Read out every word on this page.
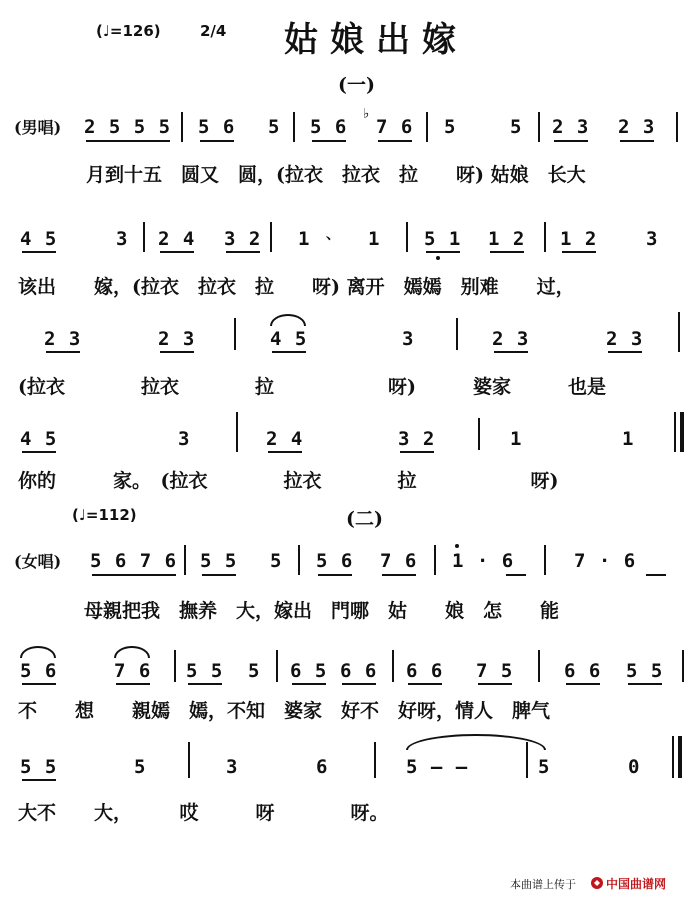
(♩=126)	2/4 姑娘出嫁
(一)
(男唱) 2 5 5 5 5 6 5 5 6
♭
7 6 5	5 2 3 2 3
月到十五　圆又　圆，(拉衣　拉衣　拉　　呀) 姑娘　长大
4 5	3 2 4 3 2 1 、 1 5 1 1 2 1 2	3
该出　　嫁，(拉衣　拉衣　拉　　呀) 离开　嫣嫣　别难　　过，
2 3	2 3	4 5	3	2 3	2 3
(拉衣　　　　拉衣　　　　拉　　　　　　呀)　　　婆家　　　也是
4 5	3	2 4	3 2	1	1
你的　　　家。　(拉衣　　　　拉衣　　　　拉　　　　　　呀)
(♩=112)	(二)
(女唱) 5 6 7 6 5 5 5 5 6 7 6 1 · 6	7 · 6
母親把我　撫养　大，嫁出　門哪　姑　　娘　怎　　能
5 6	7 6 5 5 5 6 5 6 6 6 6 7 5	6 6 5 5
不　　想　　親嫣　嫣，不知　婆家　好不　好呀，情人　脾气
5 5	5	3	6	5 — —	5	0
大不　　大，　　　哎　　　呀　　　　呀。
本曲谱上传于	中国曲谱网
